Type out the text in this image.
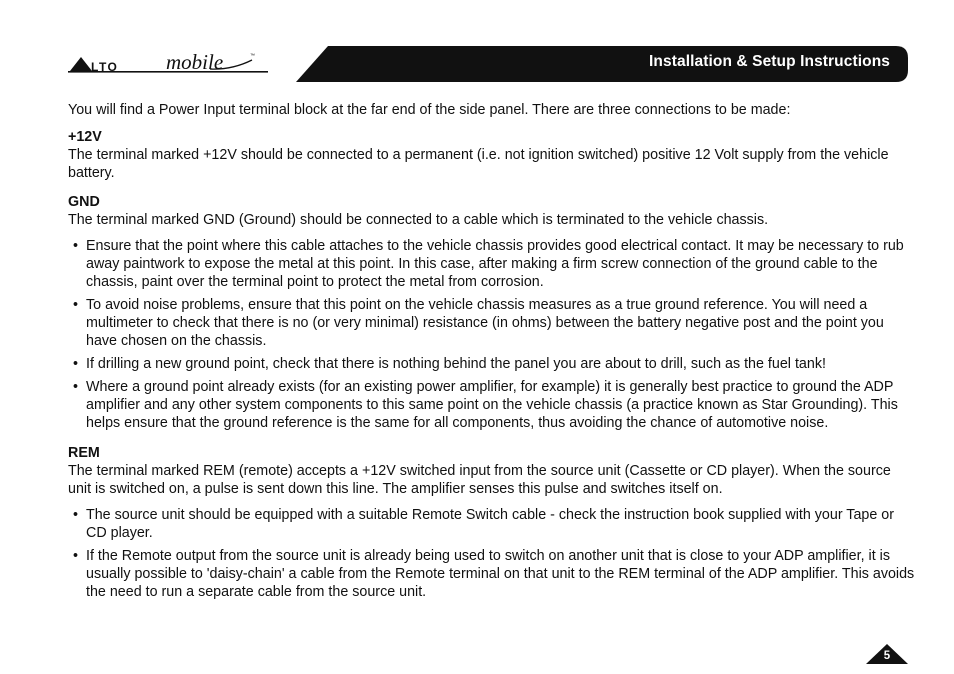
LTO mobile	™	Installation & Setup Instructions

You will find a Power Input terminal block at the far end of the side panel. There are three connections to be made:

+12V

The terminal marked +12V should be connected to a permanent (i.e. not ignition switched) positive 12 Volt supply from the vehicle battery.

GND

The terminal marked GND (Ground) should be connected to a cable which is terminated to the vehicle chassis.

• Ensure that the point where this cable attaches to the vehicle chassis provides good electrical contact. It may be necessary to rub away paintwork to expose the metal at this point. In this case, after making a firm screw connection of the ground cable to the chassis, paint over the terminal point to protect the metal from corrosion.
• To avoid noise problems, ensure that this point on the vehicle chassis measures as a true ground reference. You will need a multimeter to check that there is no (or very minimal) resistance (in ohms) between the battery negative post and the point you have chosen on the chassis.
• If drilling a new ground point, check that there is nothing behind the panel you are about to drill, such as the fuel tank!
• Where a ground point already exists (for an existing power amplifier, for example) it is generally best practice to ground the ADP amplifier and any other system components to this same point on the vehicle chassis (a practice known as Star Grounding). This helps ensure that the ground reference is the same for all components, thus avoiding the chance of automotive noise.

REM

The terminal marked REM (remote) accepts a +12V switched input from the source unit (Cassette or CD player). When the source unit is switched on, a pulse is sent down this line. The amplifier senses this pulse and switches itself on.

• The source unit should be equipped with a suitable Remote Switch cable - check the instruction book supplied with your Tape or CD player.
• If the Remote output from the source unit is already being used to switch on another unit that is close to your ADP amplifier, it is usually possible to 'daisy-chain' a cable from the Remote terminal on that unit to the REM terminal of the ADP amplifier. This avoids the need to run a separate cable from the source unit.
5
